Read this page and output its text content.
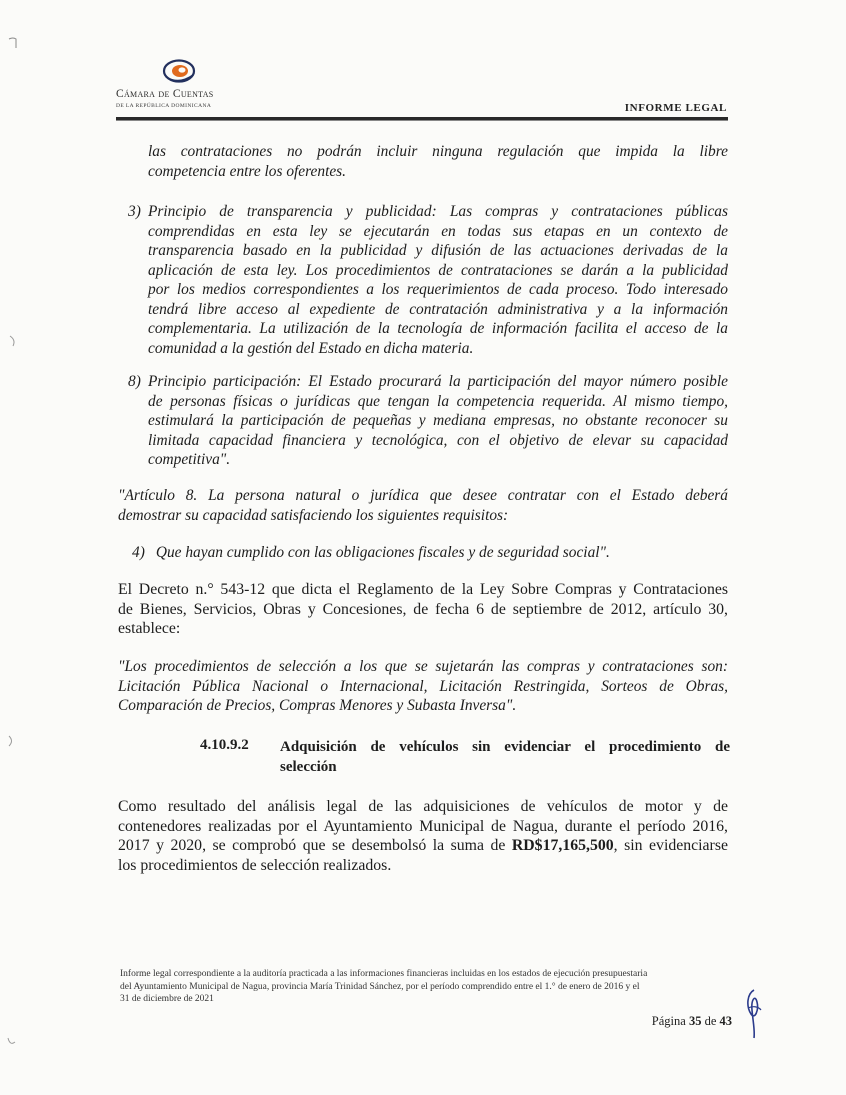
Cámara de Cuentas
DE LA REPÚBLICA DOMINICANA	INFORME LEGAL
las contrataciones no podrán incluir ninguna regulación que impida la libre
competencia entre los oferentes.
3) Principio de transparencia y publicidad: Las compras y contrataciones públicas
comprendidas en esta ley se ejecutarán en todas sus etapas en un contexto de
transparencia basado en la publicidad y difusión de las actuaciones derivadas de la
aplicación de esta ley. Los procedimientos de contrataciones se darán a la publicidad
por los medios correspondientes a los requerimientos de cada proceso. Todo interesado
tendrá libre acceso al expediente de contratación administrativa y a la información
complementaria. La utilización de la tecnología de información facilita el acceso de la
comunidad a la gestión del Estado en dicha materia.
8) Principio participación: El Estado procurará la participación del mayor número posible
de personas físicas o jurídicas que tengan la competencia requerida. Al mismo tiempo,
estimulará la participación de pequeñas y mediana empresas, no obstante reconocer su
limitada capacidad financiera y tecnológica, con el objetivo de elevar su capacidad
competitiva".
"Artículo 8. La persona natural o jurídica que desee contratar con el Estado deberá
demostrar su capacidad satisfaciendo los siguientes requisitos:
4) Que hayan cumplido con las obligaciones fiscales y de seguridad social".
El Decreto n.° 543-12 que dicta el Reglamento de la Ley Sobre Compras y Contrataciones
de Bienes, Servicios, Obras y Concesiones, de fecha 6 de septiembre de 2012, artículo 30,
establece:
"Los procedimientos de selección a los que se sujetarán las compras y contrataciones son:
Licitación Pública Nacional o Internacional, Licitación Restringida, Sorteos de Obras,
Comparación de Precios, Compras Menores y Subasta Inversa".
4.10.9.2 Adquisición de vehículos sin evidenciar el procedimiento de
selección
Como resultado del análisis legal de las adquisiciones de vehículos de motor y de
contenedores realizadas por el Ayuntamiento Municipal de Nagua, durante el período 2016,
2017 y 2020, se comprobó que se desembolsó la suma de RD$17,165,500, sin evidenciarse
los procedimientos de selección realizados.
Informe legal correspondiente a la auditoría practicada a las informaciones financieras incluidas en los estados de ejecución presupuestaria
del Ayuntamiento Municipal de Nagua, provincia María Trinidad Sánchez, por el período comprendido entre el 1.° de enero de 2016 y el
31 de diciembre de 2021
Página 35 de 43
